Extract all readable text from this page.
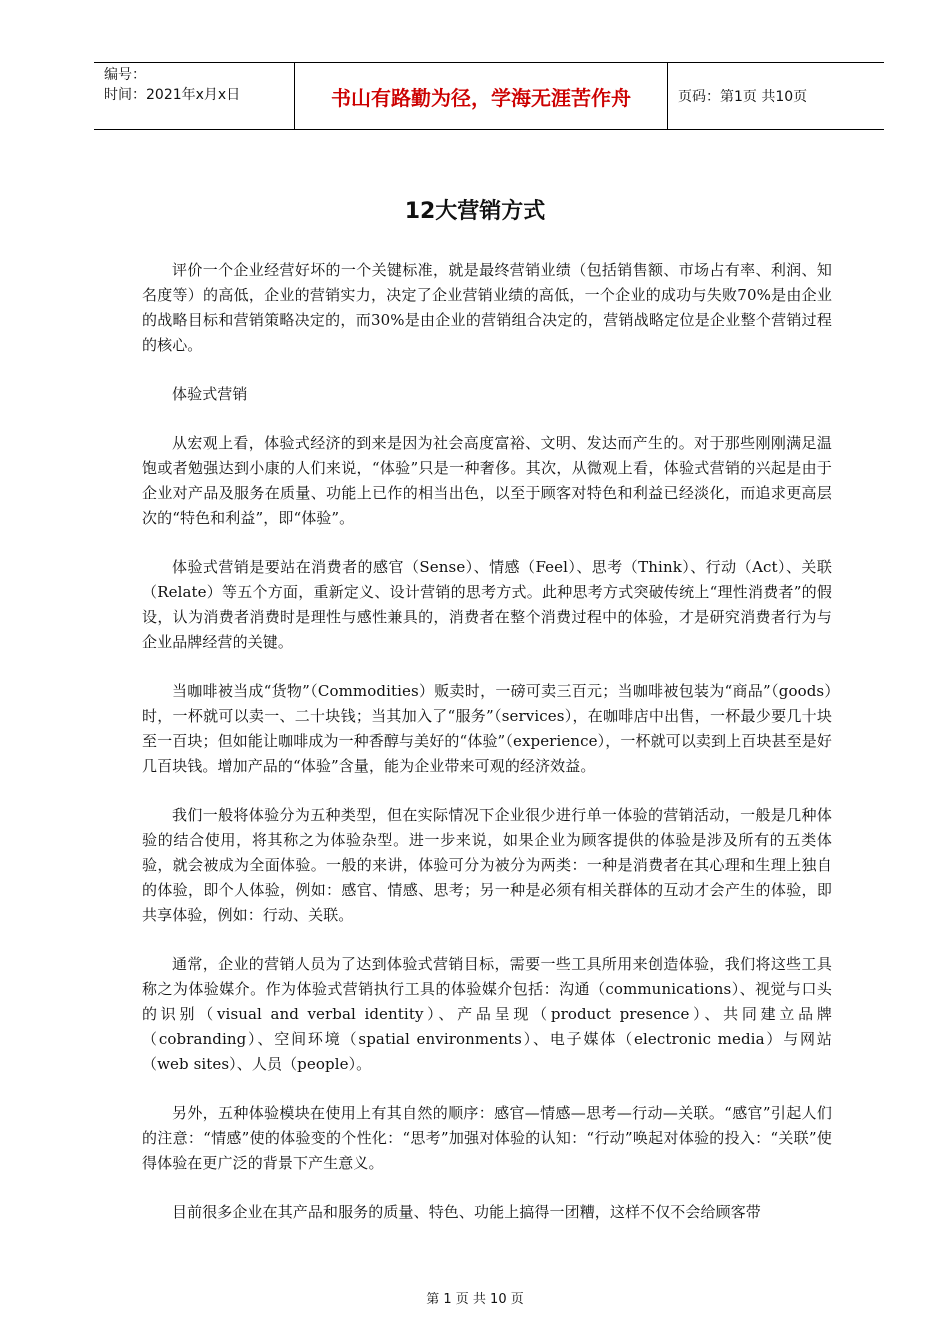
编号：
时间：2021年x月x日	书山有路勤为径，学海无涯苦作舟	页码：第1页 共10页
12大营销方式

评价一个企业经营好坏的一个关键标准，就是最终营销业绩（包括销售额、市场占有率、利润、知名度等）的高低，企业的营销实力，决定了企业营销业绩的高低，一个企业的成功与失败70%是由企业的战略目标和营销策略决定的，而30%是由企业的营销组合决定的，营销战略定位是企业整个营销过程的核心。

体验式营销

从宏观上看，体验式经济的到来是因为社会高度富裕、文明、发达而产生的。对于那些刚刚满足温饱或者勉强达到小康的人们来说，“体验”只是一种奢侈。其次，从微观上看，体验式营销的兴起是由于企业对产品及服务在质量、功能上已作的相当出色，以至于顾客对特色和利益已经淡化，而追求更高层次的“特色和利益”，即“体验”。

体验式营销是要站在消费者的感官（Sense）、情感（Feel）、思考（Think）、行动（Act）、关联（Relate）等五个方面，重新定义、设计营销的思考方式。此种思考方式突破传统上“理性消费者”的假设，认为消费者消费时是理性与感性兼具的，消费者在整个消费过程中的体验，才是研究消费者行为与企业品牌经营的关键。

当咖啡被当成“货物”（Commodities）贩卖时，一磅可卖三百元；当咖啡被包装为“商品”（goods）时，一杯就可以卖一、二十块钱；当其加入了“服务”（services），在咖啡店中出售，一杯最少要几十块至一百块；但如能让咖啡成为一种香醇与美好的“体验”（experience），一杯就可以卖到上百块甚至是好几百块钱。增加产品的“体验”含量，能为企业带来可观的经济效益。

我们一般将体验分为五种类型，但在实际情况下企业很少进行单一体验的营销活动，一般是几种体验的结合使用，将其称之为体验杂型。进一步来说，如果企业为顾客提供的体验是涉及所有的五类体验，就会被成为全面体验。一般的来讲，体验可分为被分为两类：一种是消费者在其心理和生理上独自的体验，即个人体验，例如：感官、情感、思考；另一种是必须有相关群体的互动才会产生的体验，即共享体验，例如：行动、关联。

通常，企业的营销人员为了达到体验式营销目标，需要一些工具所用来创造体验，我们将这些工具称之为体验媒介。作为体验式营销执行工具的体验媒介包括：沟通（communications）、视觉与口头的识别（visual and verbal identity）、产品呈现（product presence）、共同建立品牌（cobranding）、空间环境（spatial environments）、电子媒体（electronic media）与网站（web sites）、人员（people）。

另外，五种体验模块在使用上有其自然的顺序：感官—情感—思考—行动—关联。“感官”引起人们的注意：“情感”使的体验变的个性化：“思考”加强对体验的认知：“行动”唤起对体验的投入：“关联”使得体验在更广泛的背景下产生意义。

目前很多企业在其产品和服务的质量、特色、功能上搞得一团糟，这样不仅不会给顾客带

第 1 页 共 10 页
